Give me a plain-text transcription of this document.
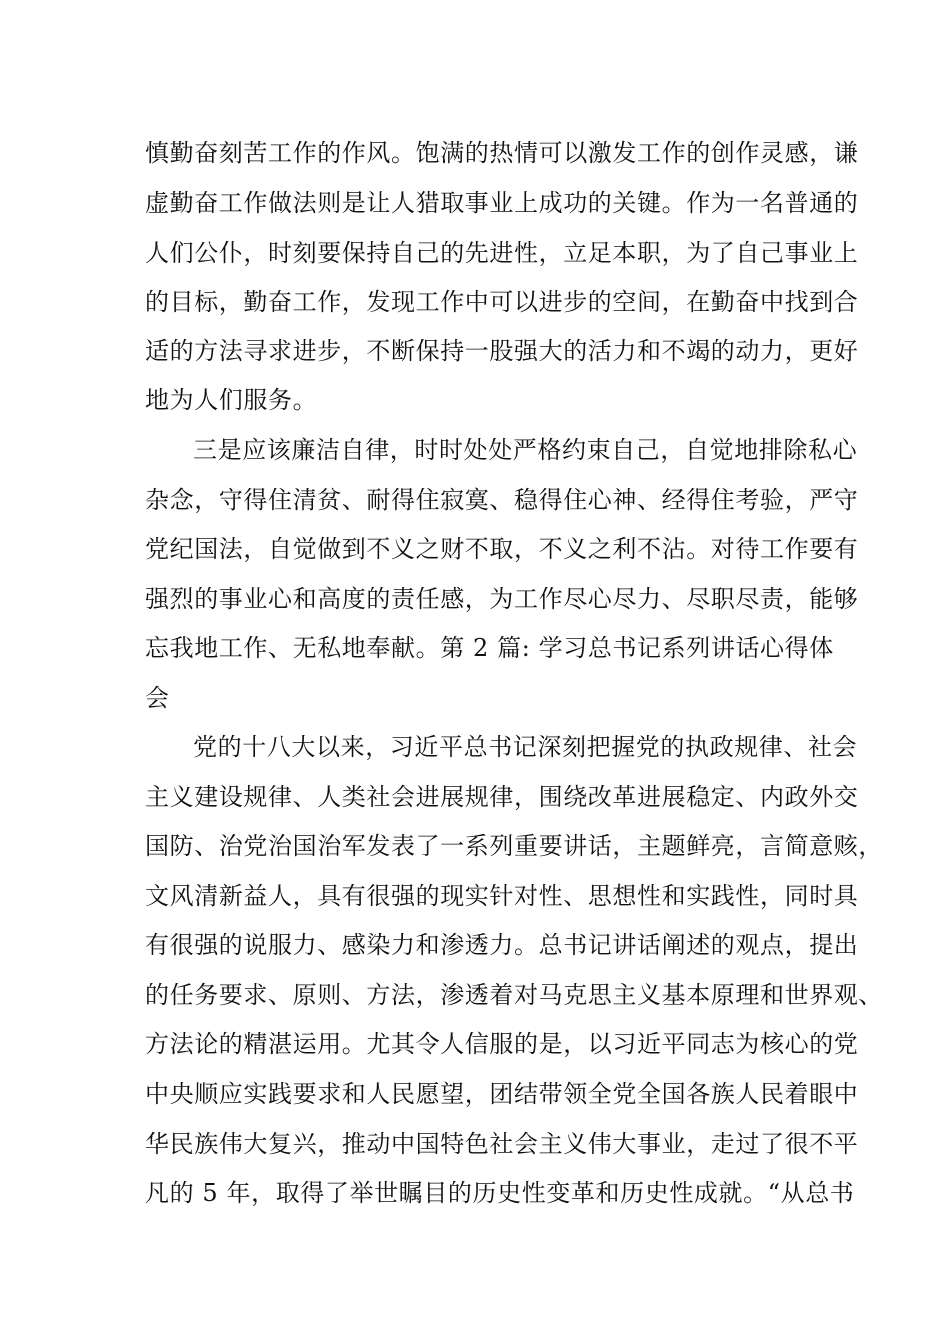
慎勤奋刻苦工作的作风。饱满的热情可以激发工作的创作灵感，谦
虚勤奋工作做法则是让人猎取事业上成功的关键。作为一名普通的
人们公仆，时刻要保持自己的先进性，立足本职，为了自己事业上
的目标，勤奋工作，发现工作中可以进步的空间，在勤奋中找到合
适的方法寻求进步，不断保持一股强大的活力和不竭的动力，更好
地为人们服务。
三是应该廉洁自律，时时处处严格约束自己，自觉地排除私心
杂念，守得住清贫、耐得住寂寞、稳得住心神、经得住考验，严守
党纪国法，自觉做到不义之财不取，不义之利不沾。对待工作要有
强烈的事业心和高度的责任感，为工作尽心尽力、尽职尽责，能够
忘我地工作、无私地奉献。第 2 篇: 学习总书记系列讲话心得体
会
党的十八大以来，习近平总书记深刻把握党的执政规律、社会
主义建设规律、人类社会进展规律，围绕改革进展稳定、内政外交
国防、治党治国治军发表了一系列重要讲话，主题鲜亮，言简意赅，
文风清新益人，具有很强的现实针对性、思想性和实践性，同时具
有很强的说服力、感染力和渗透力。总书记讲话阐述的观点，提出
的任务要求、原则、方法，渗透着对马克思主义基本原理和世界观、
方法论的精湛运用。尤其令人信服的是，以习近平同志为核心的党
中央顺应实践要求和人民愿望，团结带领全党全国各族人民着眼中
华民族伟大复兴，推动中国特色社会主义伟大事业，走过了很不平
凡的 5 年，取得了举世瞩目的历史性变革和历史性成就。“从总书
